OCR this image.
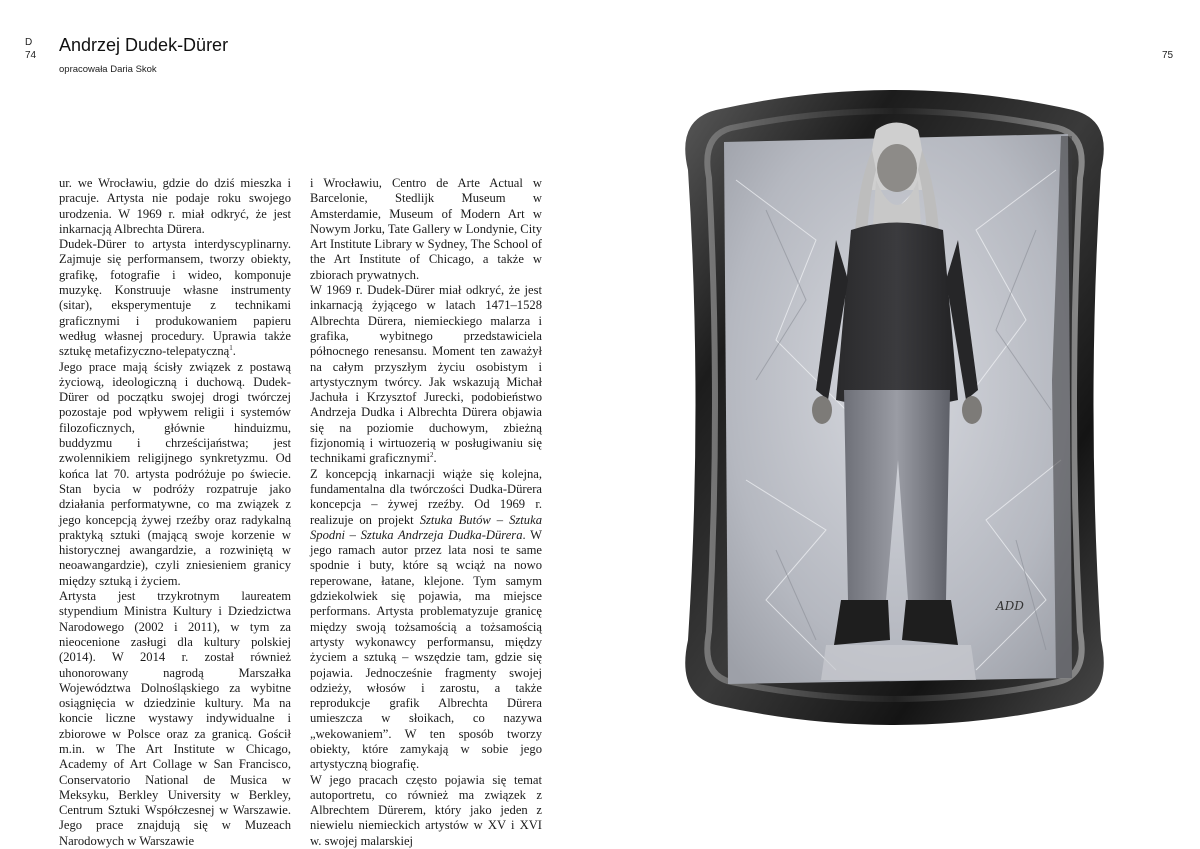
D
74	75
Andrzej Dudek-Dürer
opracowała Daria Skok

ur. we Wrocławiu, gdzie do dziś mieszka i pracuje. Artysta nie podaje roku swojego urodzenia. W 1969 r. miał odkryć, że jest inkarnacją Albrechta Dürera.

Dudek-Dürer to artysta interdyscyplinarny. Zajmuje się performansem, tworzy obiekty, grafikę, fotografie i wideo, komponuje muzykę. Konstruuje własne instrumenty (sitar), eksperymentuje z technikami graficznymi i produkowaniem papieru według własnej procedury. Uprawia także sztukę metafizyczno-telepatyczną$^1$.

Jego prace mają ścisły związek z postawą życiową, ideologiczną i duchową. Dudek-Dürer od początku swojej drogi twórczej pozostaje pod wpływem religii i systemów filozoficznych, głównie hinduizmu, buddyzmu i chrześcijaństwa; jest zwolennikiem religijnego synkretyzmu. Od końca lat 70. artysta podróżuje po świecie. Stan bycia w podróży rozpatruje jako działania performatywne, co ma związek z jego koncepcją żywej rzeźby oraz radykalną praktyką sztuki (mającą swoje korzenie w historycznej awangardzie, a rozwiniętą w neoawangardzie), czyli zniesieniem granicy między sztuką i życiem.

Artysta jest trzykrotnym laureatem stypendium Ministra Kultury i Dziedzictwa Narodowego (2002 i 2011), w tym za nieocenione zasługi dla kultury polskiej (2014). W 2014 r. został również uhonorowany nagrodą Marszałka Województwa Dolnośląskiego za wybitne osiągnięcia w dziedzinie kultury. Ma na koncie liczne wystawy indywidualne i zbiorowe w Polsce oraz za granicą. Gościł m.in. w The Art Institute w Chicago, Academy of Art Collage w San Francisco, Conservatorio National de Musica w Meksyku, Berkley University w Berkley, Centrum Sztuki Współczesnej w Warszawie. Jego prace znajdują się w Muzeach Narodowych w Warszawie

i Wrocławiu, Centro de Arte Actual w Barcelonie, Stedlijk Museum w Amsterdamie, Museum of Modern Art w Nowym Jorku, Tate Gallery w Londynie, City Art Institute Library w Sydney, The School of the Art Institute of Chicago, a także w zbiorach prywatnych.

W 1969 r. Dudek-Dürer miał odkryć, że jest inkarnacją żyjącego w latach 1471–1528 Albrechta Dürera, niemieckiego malarza i grafika, wybitnego przedstawiciela północnego renesansu. Moment ten zaważył na całym przyszłym życiu osobistym i artystycznym twórcy. Jak wskazują Michał Jachuła i Krzysztof Jurecki, podobieństwo Andrzeja Dudka i Albrechta Dürera objawia się na poziomie duchowym, zbieżną fizjonomią i wirtuozerią w posługiwaniu się technikami graficznymi$^2$.

Z koncepcją inkarnacji wiąże się kolejna, fundamentalna dla twórczości Dudka-Dürera koncepcja – żywej rzeźby. Od 1969 r. realizuje on projekt Sztuka Butów – Sztuka Spodni – Sztuka Andrzeja Dudka-Dürera. W jego ramach autor przez lata nosi te same spodnie i buty, które są wciąż na nowo reperowane, łatane, klejone. Tym samym gdziekolwiek się pojawia, ma miejsce performans. Artysta problematyzuje granicę między swoją tożsamością a tożsamością artysty wykonawcy performansu, między życiem a sztuką – wszędzie tam, gdzie się pojawia. Jednocześnie fragmenty swojej odzieży, włosów i zarostu, a także reprodukcje grafik Albrechta Dürera umieszcza w słoikach, co nazywa „wekowaniem”. W ten sposób tworzy obiekty, które zamykają w sobie jego artystyczną biografię.

W jego pracach często pojawia się temat autoportretu, co również ma związek z Albrechtem Dürerem, który jako jeden z niewielu niemieckich artystów w XV i XVI w. swojej malarskiej

ADD
